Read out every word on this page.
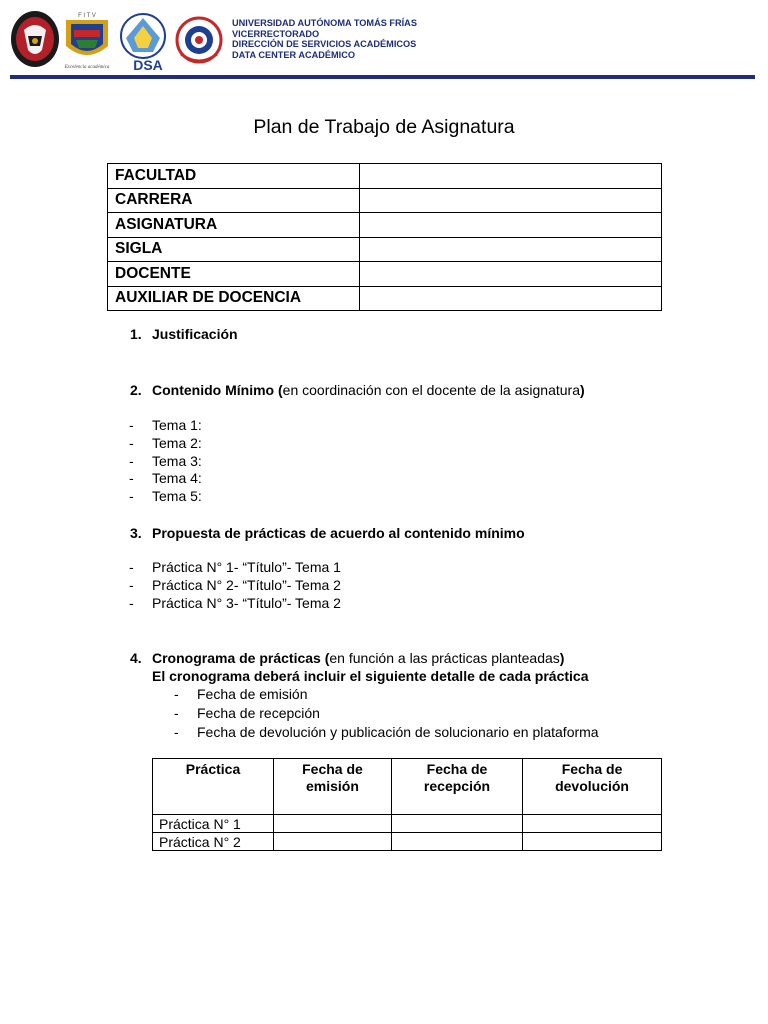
F I T V
Excelencia académica DSA
UNIVERSIDAD AUTÓNOMA TOMÁS FRÍAS
VICERRECTORADO
DIRECCIÓN DE SERVICIOS ACADÉMICOS
DATA CENTER ACADÉMICO
Plan de Trabajo de Asignatura
FACULTAD	
CARRERA	
ASIGNATURA	
SIGLA	
DOCENTE	
AUXILIAR DE DOCENCIA	
1. Justificación
2. Contenido Mínimo (en coordinación con el docente de la asignatura)
- Tema 1:
- Tema 2:
- Tema 3:
- Tema 4:
- Tema 5:
3. Propuesta de prácticas de acuerdo al contenido mínimo
- Práctica N° 1- “Título”- Tema 1
- Práctica N° 2- “Título”- Tema 2
- Práctica N° 3- “Título”- Tema 2
4. Cronograma de prácticas (en función a las prácticas planteadas)
El cronograma deberá incluir el siguiente detalle de cada práctica
- Fecha de emisión
- Fecha de recepción
- Fecha de devolución y publicación de solucionario en plataforma
Práctica	Fecha de emisión	Fecha de recepción	Fecha de devolución
Práctica N° 1			
Práctica N° 2			
